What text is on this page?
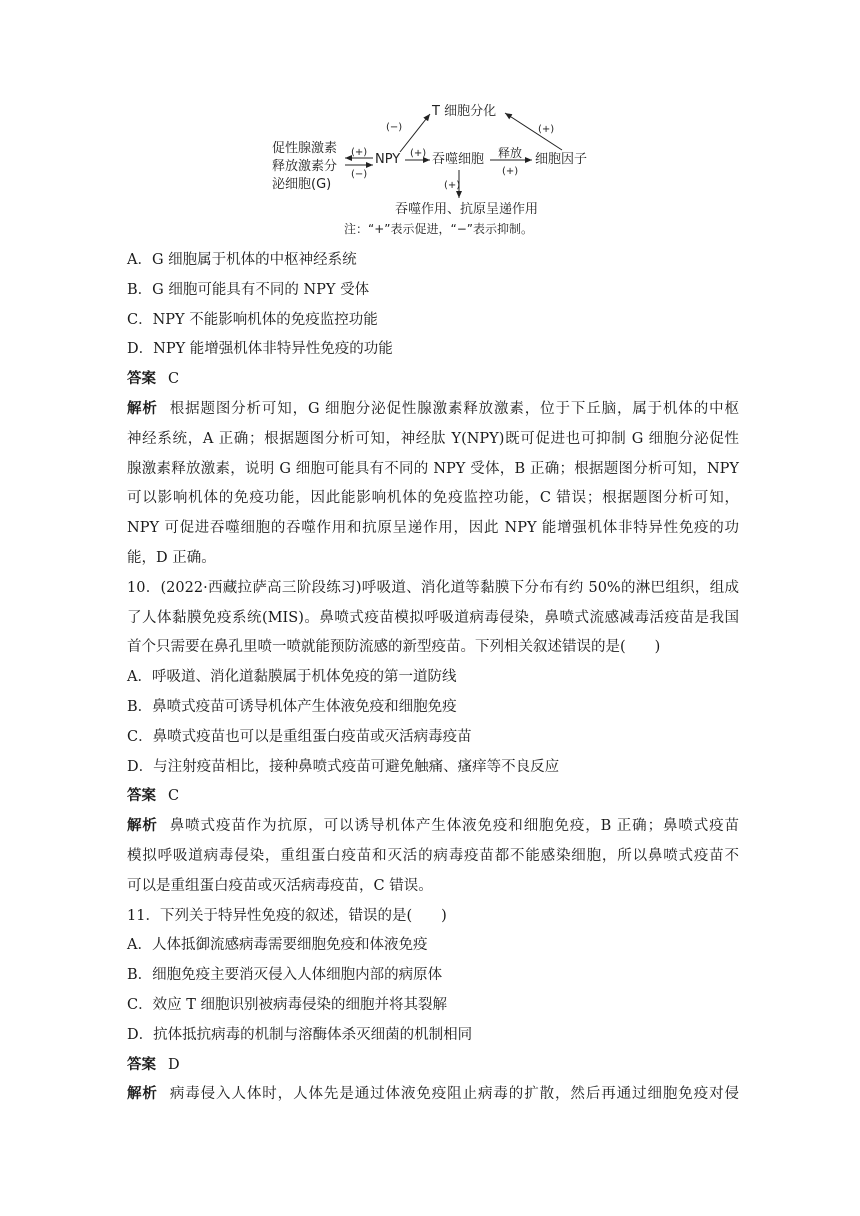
T 细胞分化
(−)	(+)
促性腺激素
释放激素分
泌细胞(G)
(+)
(−)
NPY (+) 吞噬细胞 释放
(+)
细胞因子
(+)
吞噬作用、抗原呈递作用
注：“+”表示促进，“−”表示抑制。
A．G 细胞属于机体的中枢神经系统
B．G 细胞可能具有不同的 NPY 受体
C．NPY 不能影响机体的免疫监控功能
D．NPY 能增强机体非特异性免疫的功能
答案 C
解析 根据题图分析可知，G 细胞分泌促性腺激素释放激素，位于下丘脑，属于机体的中枢
神经系统，A 正确；根据题图分析可知，神经肽 Y(NPY)既可促进也可抑制 G 细胞分泌促性
腺激素释放激素，说明 G 细胞可能具有不同的 NPY 受体，B 正确；根据题图分析可知，NPY
可以影响机体的免疫功能，因此能影响机体的免疫监控功能，C 错误；根据题图分析可知，
NPY 可促进吞噬细胞的吞噬作用和抗原呈递作用，因此 NPY 能增强机体非特异性免疫的功
能，D 正确。
10．(2022·西藏拉萨高三阶段练习)呼吸道、消化道等黏膜下分布有约 50%的淋巴组织，组成
了人体黏膜免疫系统(MIS)。鼻喷式疫苗模拟呼吸道病毒侵染，鼻喷式流感减毒活疫苗是我国
首个只需要在鼻孔里喷一喷就能预防流感的新型疫苗。下列相关叙述错误的是(　　)
A．呼吸道、消化道黏膜属于机体免疫的第一道防线
B．鼻喷式疫苗可诱导机体产生体液免疫和细胞免疫
C．鼻喷式疫苗也可以是重组蛋白疫苗或灭活病毒疫苗
D．与注射疫苗相比，接种鼻喷式疫苗可避免触痛、瘙痒等不良反应
答案 C
解析 鼻喷式疫苗作为抗原，可以诱导机体产生体液免疫和细胞免疫，B 正确；鼻喷式疫苗
模拟呼吸道病毒侵染，重组蛋白疫苗和灭活的病毒疫苗都不能感染细胞，所以鼻喷式疫苗不
可以是重组蛋白疫苗或灭活病毒疫苗，C 错误。
11．下列关于特异性免疫的叙述，错误的是(　　)
A．人体抵御流感病毒需要细胞免疫和体液免疫
B．细胞免疫主要消灭侵入人体细胞内部的病原体
C．效应 T 细胞识别被病毒侵染的细胞并将其裂解
D．抗体抵抗病毒的机制与溶酶体杀灭细菌的机制相同
答案 D
解析 病毒侵入人体时，人体先是通过体液免疫阻止病毒的扩散，然后再通过细胞免疫对侵
